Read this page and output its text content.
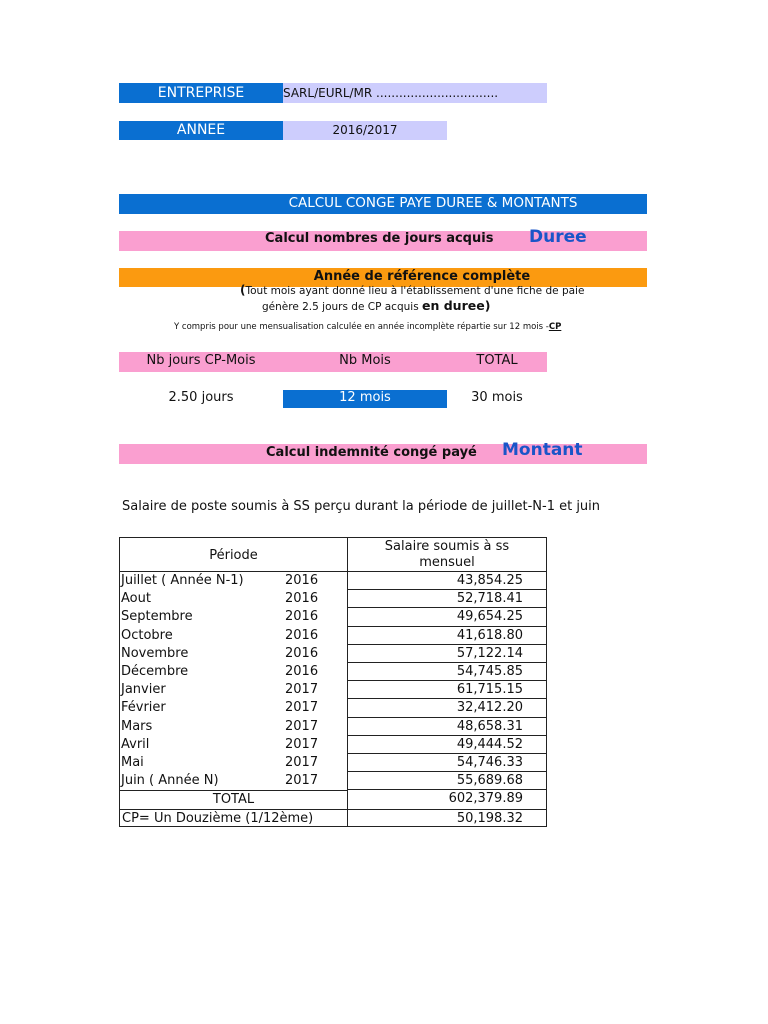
ENTREPRISE	SARL/EURL/MR ................................
ANNEE	2016/2017
CALCUL CONGE PAYE DUREE & MONTANTS
Calcul nombres de jours acquis Duree
Année de référence complète
(Tout mois ayant donné lieu à l'établissement d'une fiche de paie
génère 2.5 jours de CP acquis en duree)
Y compris pour une mensualisation calculée en année incomplète répartie sur 12 mois -CP
Nb jours CP-Mois	Nb Mois	TOTAL
2.50 jours	12 mois	30 mois
Calcul indemnité congé payé Montant
Salaire de poste soumis à SS perçu durant la période de juillet-N-1 et juin
Période
Salaire soumis à ss
mensuel
Juillet ( Année N-1)	2016	43,854.25
Aout	2016	52,718.41
Septembre	2016	49,654.25
Octobre	2016	41,618.80
Novembre	2016	57,122.14
Décembre	2016	54,745.85
Janvier	2017	61,715.15
Février	2017	32,412.20
Mars	2017	48,658.31
Avril	2017	49,444.52
Mai	2017	54,746.33
Juin ( Année N)	2017	55,689.68
TOTAL	602,379.89
CP= Un Douzième (1/12ème)	50,198.32
